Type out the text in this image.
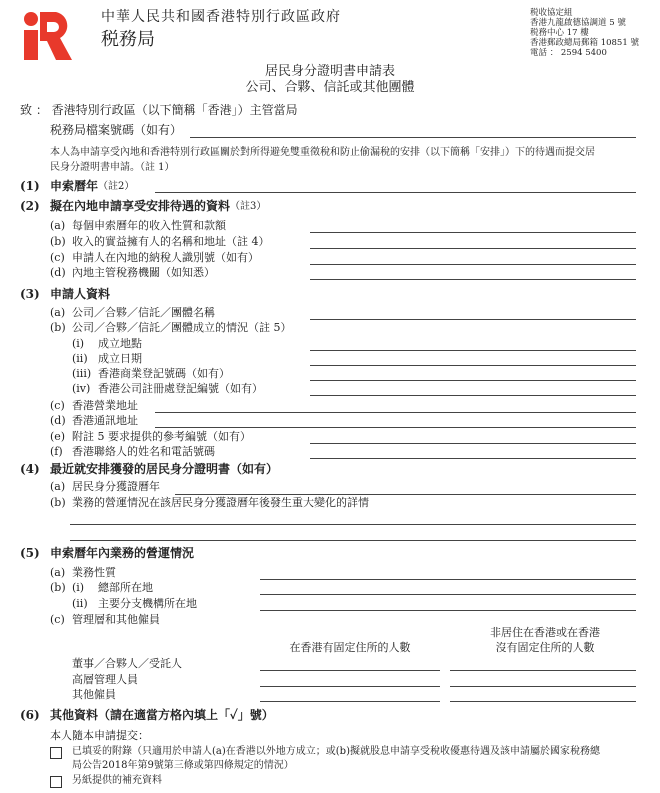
中華人民共和國香港特別行政區政府
税務局
税收協定組
香港九龍啟德協調道 5 號
税務中心 17 樓
香港郵政總局郵箱 10851 號
電話 ： 2594 5400
居民身分證明書申請表
公司、合夥、信託或其他團體
致 ： 香港特別行政區（以下簡稱「香港」）主管當局
税務局檔案號碼（如有）
本人為申請享受內地和香港特別行政區關於對所得避免雙重徵稅和防止偷漏稅的安排（以下簡稱「安排」）下的待遇而提交居
民身分證明書申請。（註 1）
(1) 申索曆年 （註2）
(2) 擬在內地申請享受安排待遇的資料 （註3）
(a) 每個申索曆年的收入性質和款額
(b) 收入的實益擁有人的名稱和地址（註 4）
(c) 申請人在內地的納稅人識別號（如有）
(d) 內地主管稅務機關（如知悉）
(3) 申請人資料
(a) 公司／合夥／信託／團體名稱
(b) 公司／合夥／信託／團體成立的情況（註 5）
(i) 成立地點
(ii) 成立日期
(iii) 香港商業登記號碼（如有）
(iv) 香港公司註冊處登記編號（如有）
(c) 香港營業地址
(d) 香港通訊地址
(e) 附註 5 要求提供的參考編號（如有）
(f) 香港聯絡人的姓名和電話號碼
(4) 最近就安排獲發的居民身分證明書（如有）
(a) 居民身分獲證曆年
(b) 業務的營運情況在該居民身分獲證曆年後發生重大變化的詳情
(5) 申索曆年內業務的營運情況
(a) 業務性質
(b) (i) 總部所在地
(ii) 主要分支機構所在地
(c) 管理層和其他僱員
在香港有固定住所的人數
非居住在香港或在香港
沒有固定住所的人數
董事／合夥人／受託人
高層管理人員
其他僱員
(6) 其他資料（請在適當方格內填上「✓」號）
本人隨本申請提交：
已填妥的附錄（只適用於申請人(a)在香港以外地方成立；或(b)擬就股息申請享受稅收優惠待遇及該申請屬於國家稅務總
局公告2018年第9號第三條或第四條規定的情況）
另紙提供的補充資料
